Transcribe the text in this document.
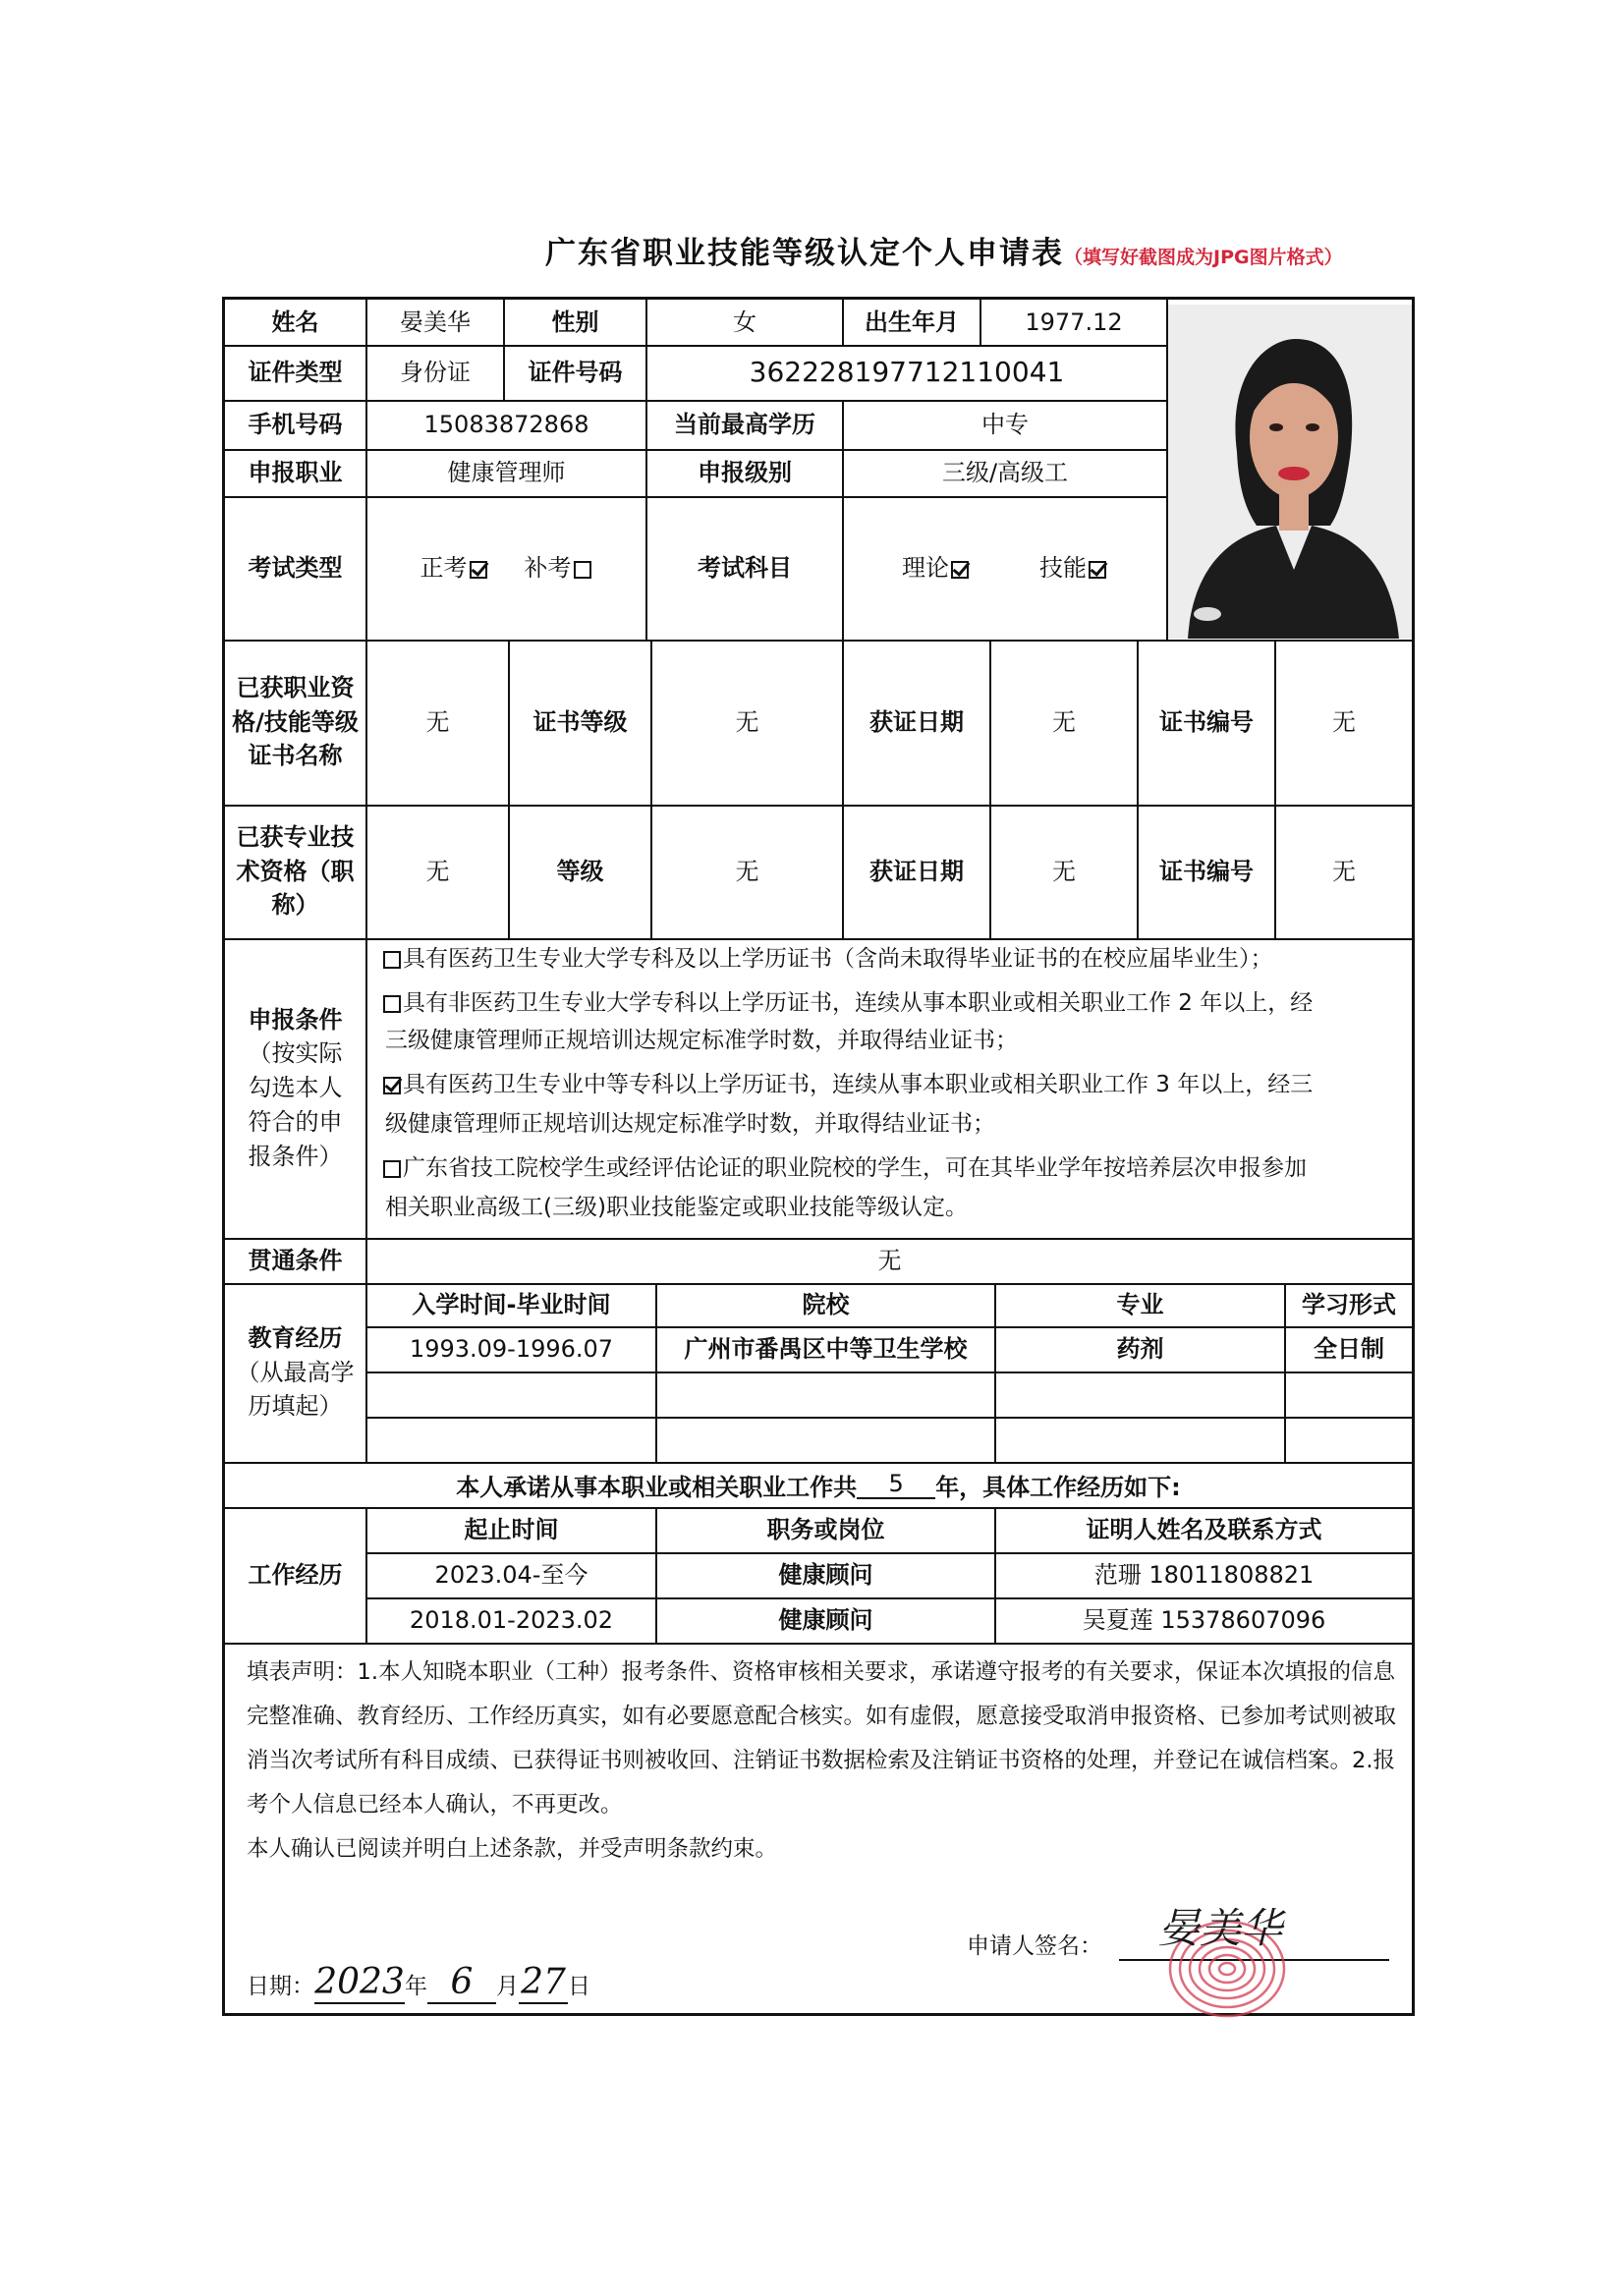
广东省职业技能等级认定个人申请表（填写好截图成为JPG图片格式）
姓名	晏美华	性别	女	出生年月	1977.12
证件类型	身份证	证件号码	362228197712110041
手机号码	15083872868	当前最高学历	中专
申报职业	健康管理师	申报级别	三级/高级工
考试类型	正考	补考	考试科目	理论	技能
已获职业资格/技能等级证书名称
无	证书等级	无	获证日期	无	证书编号	无
已获专业技术资格（职称）
无	等级	无	获证日期	无	证书编号	无
申报条件
（按实际勾选本人符合的申报条件）
具有医药卫生专业大学专科及以上学历证书（含尚未取得毕业证书的在校应届毕业生）；
具有非医药卫生专业大学专科以上学历证书，连续从事本职业或相关职业工作 2 年以上，经
三级健康管理师正规培训达规定标准学时数，并取得结业证书；
具有医药卫生专业中等专科以上学历证书，连续从事本职业或相关职业工作 3 年以上，经三
级健康管理师正规培训达规定标准学时数，并取得结业证书；
广东省技工院校学生或经评估论证的职业院校的学生，可在其毕业学年按培养层次申报参加
相关职业高级工(三级)职业技能鉴定或职业技能等级认定。
贯通条件	无
教育经历
（从最高学历填起）
入学时间-毕业时间	院校	专业	学习形式
1993.09-1996.07	广州市番禺区中等卫生学校	药剂	全日制
本人承诺从事本职业或相关职业工作共	5	年，具体工作经历如下:
工作经历
起止时间	职务或岗位	证明人姓名及联系方式
2023.04-至今	健康顾问	范珊 18011808821
2018.01-2023.02	健康顾问	吴夏莲 15378607096
填表声明：1.本人知晓本职业（工种）报考条件、资格审核相关要求，承诺遵守报考的有关要求，保证本次填报的信息完整准确、教育经历、工作经历真实，如有必要愿意配合核实。如有虚假，愿意接受取消申报资格、已参加考试则被取消当次考试所有科目成绩、已获得证书则被收回、注销证书数据检索及注销证书资格的处理，并登记在诚信档案。2.报考个人信息已经本人确认，不再更改。
本人确认已阅读并明白上述条款，并受声明条款约束。
申请人签名： 晏美华
日期：2023年 6 月27日
